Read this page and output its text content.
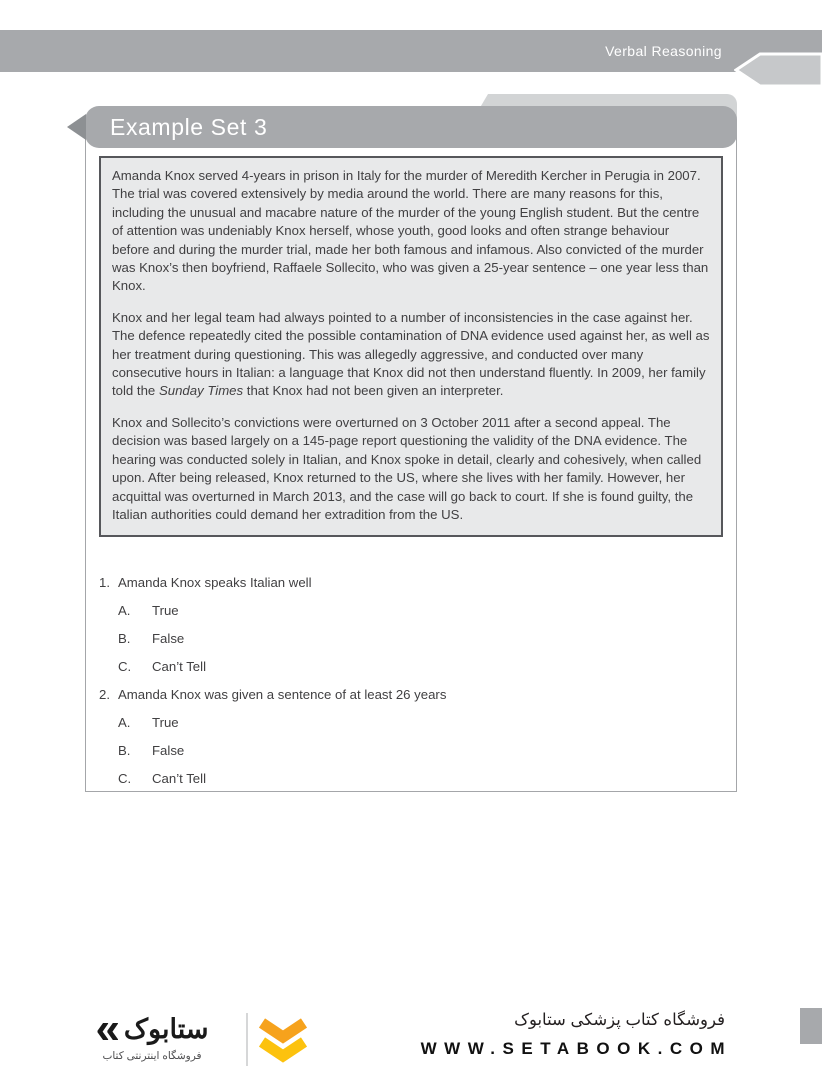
Verbal Reasoning
Example Set 3

Amanda Knox served 4-years in prison in Italy for the murder of Meredith Kercher in Perugia in 2007. The trial was covered extensively by media around the world. There are many reasons for this, including the unusual and macabre nature of the murder of the young English student. But the centre of attention was undeniably Knox herself, whose youth, good looks and often strange behaviour before and during the murder trial, made her both famous and infamous. Also convicted of the murder was Knox’s then boyfriend, Raffaele Sollecito, who was given a 25-year sentence – one year less than Knox.

Knox and her legal team had always pointed to a number of inconsistencies in the case against her. The defence repeatedly cited the possible contamination of DNA evidence used against her, as well as her treatment during questioning. This was allegedly aggressive, and conducted over many consecutive hours in Italian: a language that Knox did not then understand fluently. In 2009, her family told the Sunday Times that Knox had not been given an interpreter.

Knox and Sollecito’s convictions were overturned on 3 October 2011 after a second appeal. The decision was based largely on a 145-page report questioning the validity of the DNA evidence. The hearing was conducted solely in Italian, and Knox spoke in detail, clearly and cohesively, when called upon. After being released, Knox returned to the US, where she lives with her family. However, her acquittal was overturned in March 2013, and the case will go back to court. If she is found guilty, the Italian authorities could demand her extradition from the US.

1. Amanda Knox speaks Italian well
A.	True
B.	False
C.	Can’t Tell
2. Amanda Knox was given a sentence of at least 26 years
A.	True
B.	False
C.	Can’t Tell
« ستابوک
فروشگاه اینترنتی کتاب
فروشگاه کتاب پزشکی ستابوک
WWW.SETABOOK.COM
